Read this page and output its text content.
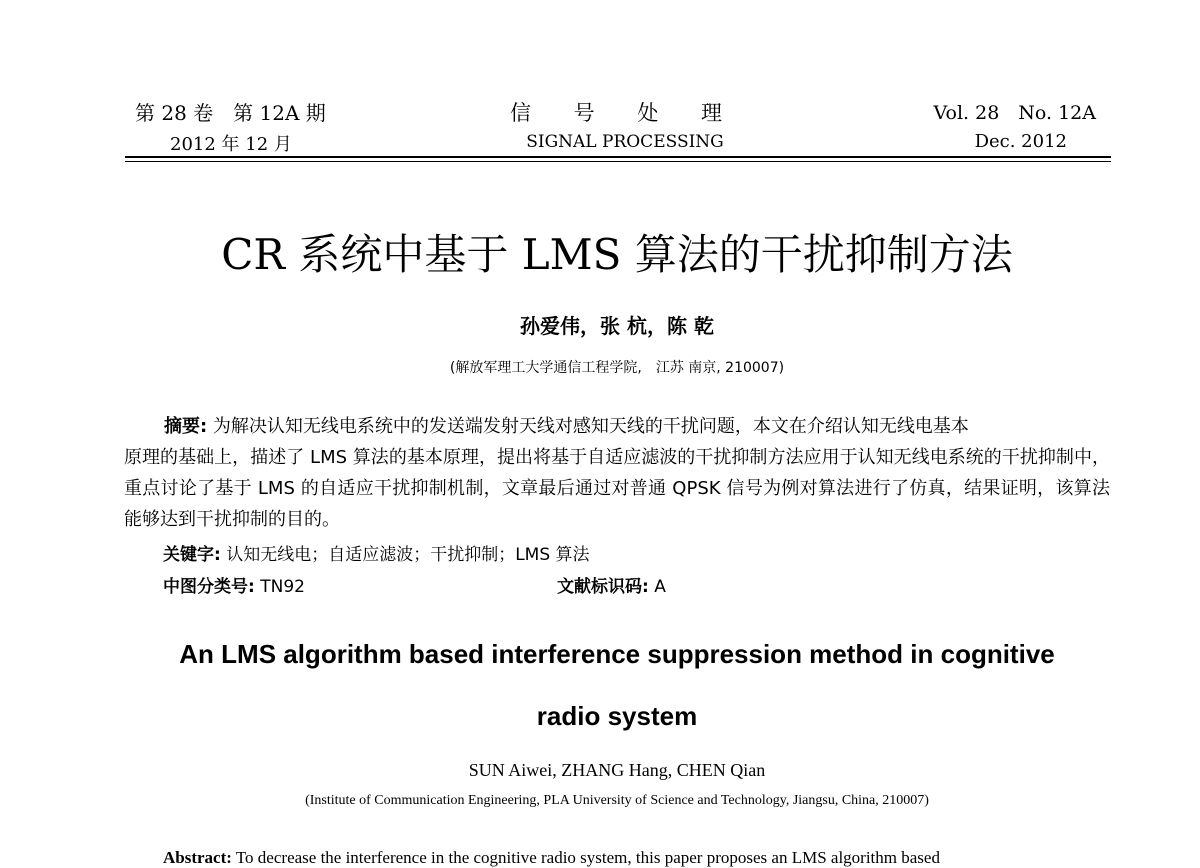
第 28 卷　第 12A 期
2012 年 12 月
信 号 处 理
SIGNAL PROCESSING
Vol. 28　No. 12A
Dec. 2012
CR 系统中基于 LMS 算法的干扰抑制方法
孙爱伟，张 杭，陈 乾
(解放军理工大学通信工程学院,　江苏 南京, 210007)

摘要: 为解决认知无线电系统中的发送端发射天线对感知天线的干扰问题，本文在介绍认知无线电基本

原理的基础上，描述了 LMS 算法的基本原理，提出将基于自适应滤波的干扰抑制方法应用于认知无线电系统的干扰抑制中，重点讨论了基于 LMS 的自适应干扰抑制机制，文章最后通过对普通 QPSK 信号为例对算法进行了仿真，结果证明，该算法能够达到干扰抑制的目的。

关键字: 认知无线电；自适应滤波；干扰抑制；LMS 算法
中图分类号: TN92	文献标识码: A
An LMS algorithm based interference suppression method in cognitive
radio system
SUN Aiwei, ZHANG Hang, CHEN Qian
(Institute of Communication Engineering, PLA University of Science and Technology, Jiangsu, China, 210007)
Abstract: To decrease the interference in the cognitive radio system, this paper proposes an LMS algorithm based
